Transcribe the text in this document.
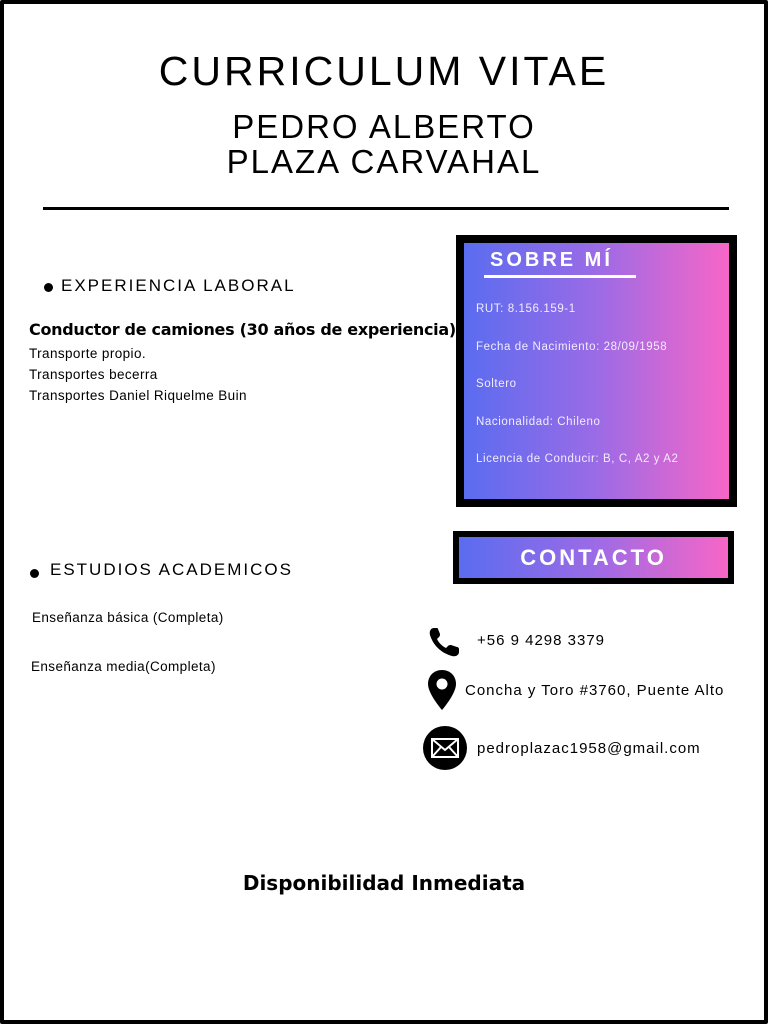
CURRICULUM VITAE
PEDRO ALBERTO
PLAZA CARVAHAL
EXPERIENCIA LABORAL
Conductor de camiones (30 años de experiencia)
Transporte propio.
Transportes becerra
Transportes Daniel Riquelme Buin
ESTUDIOS ACADEMICOS
Enseñanza básica (Completa)
Enseñanza media(Completa)
SOBRE MÍ
RUT: 8.156.159-1
Fecha de Nacimiento: 28/09/1958
Soltero
Nacionalidad: Chileno
Licencia de Conducir: B, C, A2 y A2
CONTACTO
+56 9 4298 3379
Concha y Toro #3760, Puente Alto
pedroplazac1958@gmail.com
Disponibilidad Inmediata
